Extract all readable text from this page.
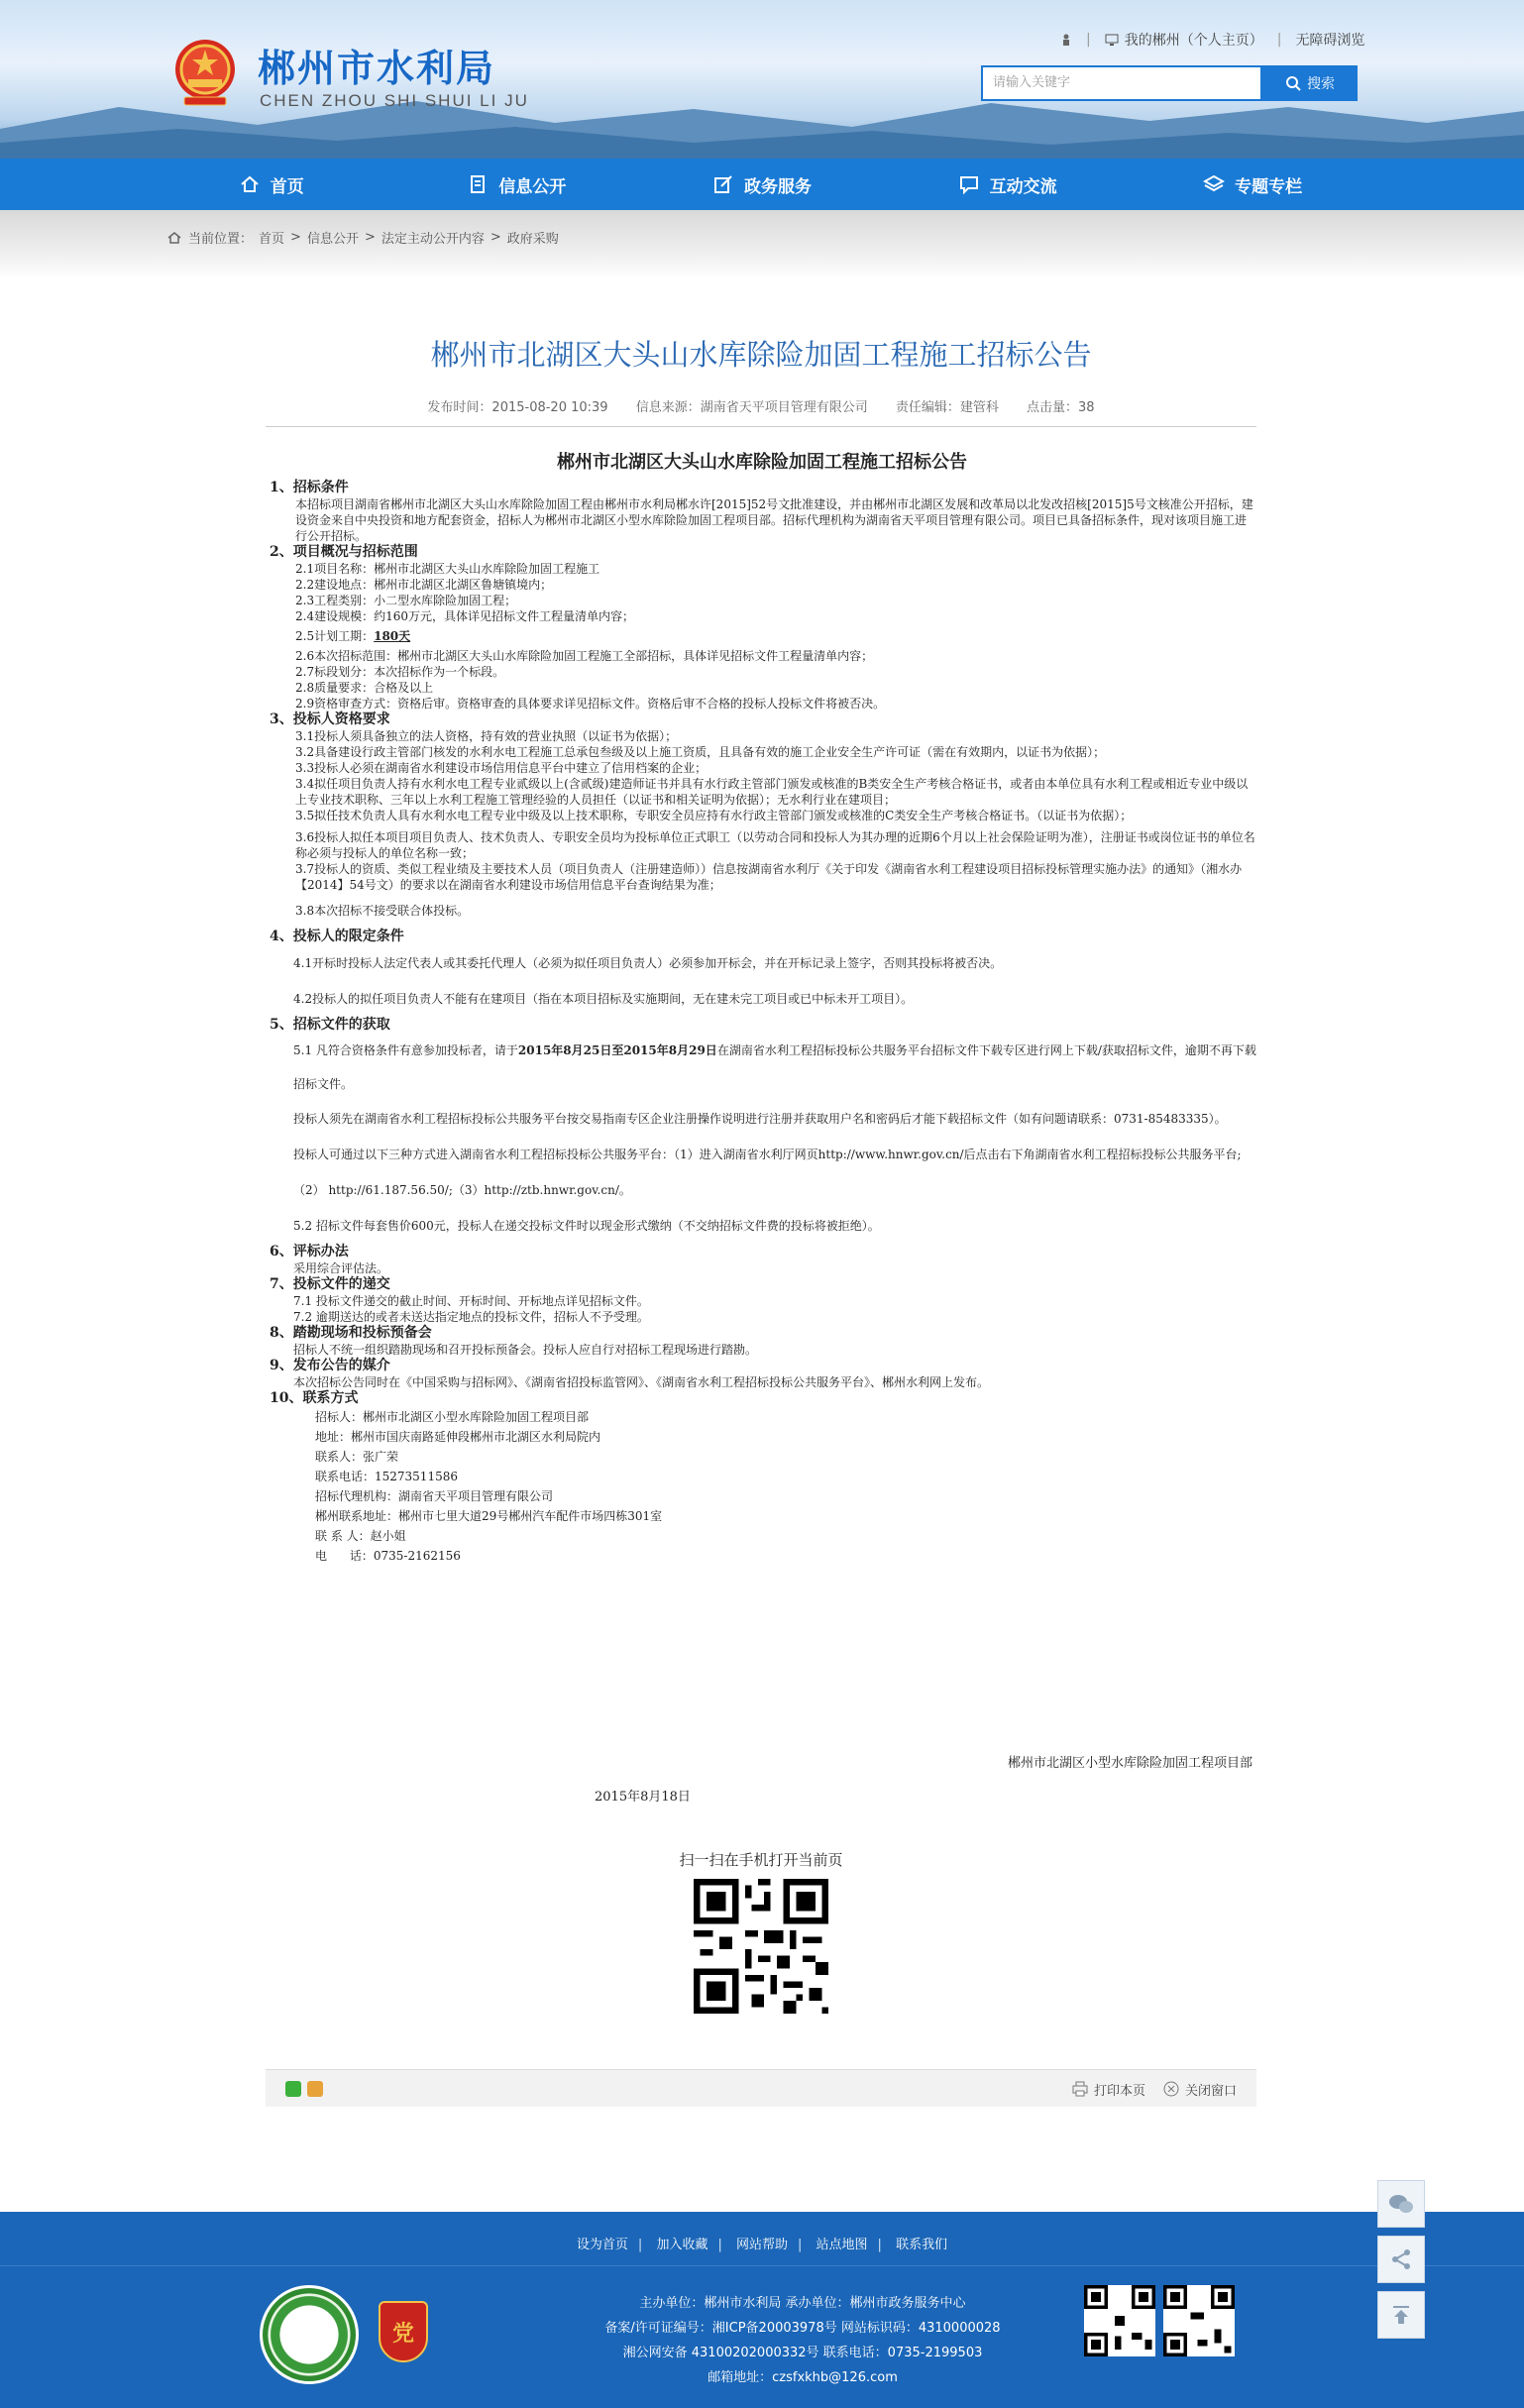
郴州市水利局
CHEN ZHOU SHI SHUI LI JU
| 我的郴州（个人主页） | 无障碍浏览
请输入关键字	搜索
首页	信息公开	政务服务	互动交流	专题专栏
当前位置： 首页 > 信息公开 > 法定主动公开内容 > 政府采购
郴州市北湖区大头山水库除险加固工程施工招标公告
发布时间：2015-08-20 10:39 信息来源：湖南省天平项目管理有限公司 责任编辑：建管科 点击量：38
郴州市北湖区大头山水库除险加固工程施工招标公告
1、招标条件
本招标项目湖南省郴州市北湖区大头山水库除险加固工程由郴州市水利局郴水许[2015]52号文批准建设，并由郴州市北湖区发展和改革局以北发改招核[2015]5号文核准公开招标，建设资金来自中央投资和地方配套资金，招标人为郴州市北湖区小型水库除险加固工程项目部。招标代理机构为湖南省天平项目管理有限公司。项目已具备招标条件，现对该项目施工进行公开招标。
2、项目概况与招标范围
2.1项目名称：郴州市北湖区大头山水库除险加固工程施工
2.2建设地点：郴州市北湖区北湖区鲁塘镇境内；
2.3工程类别：小二型水库除险加固工程；
2.4建设规模：约160万元，具体详见招标文件工程量清单内容；
2.5计划工期：180天
2.6本次招标范围：郴州市北湖区大头山水库除险加固工程施工全部招标，具体详见招标文件工程量清单内容；
2.7标段划分：本次招标作为一个标段。
2.8质量要求：合格及以上
2.9资格审查方式：资格后审。资格审查的具体要求详见招标文件。资格后审不合格的投标人投标文件将被否决。
3、投标人资格要求
3.1投标人须具备独立的法人资格，持有效的营业执照（以证书为依据）；
3.2具备建设行政主管部门核发的水利水电工程施工总承包叁级及以上施工资质，且具备有效的施工企业安全生产许可证（需在有效期内，以证书为依据）；
3.3投标人必须在湖南省水利建设市场信用信息平台中建立了信用档案的企业；
3.4拟任项目负责人持有水利水电工程专业贰级以上(含贰级)建造师证书并具有水行政主管部门颁发或核准的B类安全生产考核合格证书，或者由本单位具有水利工程或相近专业中级以上专业技术职称、三年以上水利工程施工管理经验的人员担任（以证书和相关证明为依据）；无水利行业在建项目；
3.5拟任技术负责人具有水利水电工程专业中级及以上技术职称，专职安全员应持有水行政主管部门颁发或核准的C类安全生产考核合格证书。（以证书为依据）；
3.6投标人拟任本项目项目负责人、技术负责人、专职安全员均为投标单位正式职工（以劳动合同和投标人为其办理的近期6个月以上社会保险证明为准），注册证书或岗位证书的单位名称必须与投标人的单位名称一致；
3.7投标人的资质、类似工程业绩及主要技术人员（项目负责人（注册建造师））信息按湖南省水利厅《关于印发《湖南省水利工程建设项目招标投标管理实施办法》的通知》（湘水办【2014】54号文）的要求以在湖南省水利建设市场信用信息平台查询结果为准；
3.8本次招标不接受联合体投标。
4、投标人的限定条件
4.1开标时投标人法定代表人或其委托代理人（必须为拟任项目负责人）必须参加开标会，并在开标记录上签字，否则其投标将被否决。
4.2投标人的拟任项目负责人不能有在建项目（指在本项目招标及实施期间，无在建未完工项目或已中标未开工项目）。
5、招标文件的获取
5.1 凡符合资格条件有意参加投标者，请于2015年8月25日至2015年8月29日在湖南省水利工程招标投标公共服务平台招标文件下载专区进行网上下载/获取招标文件，逾期不再下载招标文件。
投标人须先在湖南省水利工程招标投标公共服务平台按交易指南专区企业注册操作说明进行注册并获取用户名和密码后才能下载招标文件（如有问题请联系：0731-85483335）。
投标人可通过以下三种方式进入湖南省水利工程招标投标公共服务平台：（1）进入湖南省水利厅网页http://www.hnwr.gov.cn/后点击右下角湖南省水利工程招标投标公共服务平台;（2） http://61.187.56.50/;（3）http://ztb.hnwr.gov.cn/。
5.2 招标文件每套售价600元，投标人在递交投标文件时以现金形式缴纳（不交纳招标文件费的投标将被拒绝）。
6、评标办法
采用综合评估法。
7、投标文件的递交
7.1 投标文件递交的截止时间、开标时间、开标地点详见招标文件。
7.2 逾期送达的或者未送达指定地点的投标文件，招标人不予受理。
8、踏勘现场和投标预备会
招标人不统一组织踏勘现场和召开投标预备会。投标人应自行对招标工程现场进行踏勘。
9、发布公告的媒介
本次招标公告同时在《中国采购与招标网》、《湖南省招投标监管网》、《湖南省水利工程招标投标公共服务平台》、郴州水利网上发布。
10、联系方式
招标人：郴州市北湖区小型水库除险加固工程项目部
地址：郴州市国庆南路延伸段郴州市北湖区水利局院内
联系人：张广荣
联系电话：15273511586
招标代理机构：湖南省天平项目管理有限公司
郴州联系地址：郴州市七里大道29号郴州汽车配件市场四栋301室
联 系 人：赵小姐
电      话：0735-2162156
郴州市北湖区小型水库除险加固工程项目部
2015年8月18日
扫一扫在手机打开当前页
打印本页	关闭窗口
设为首页 | 加入收藏 | 网站帮助 | 站点地图 | 联系我们
党
主办单位：郴州市水利局 承办单位：郴州市政务服务中心
备案/许可证编号：湘ICP备20003978号 网站标识码：4310000028
湘公网安备 43100202000332号 联系电话：0735-2199503
邮箱地址：czsfxkhb@126.com
